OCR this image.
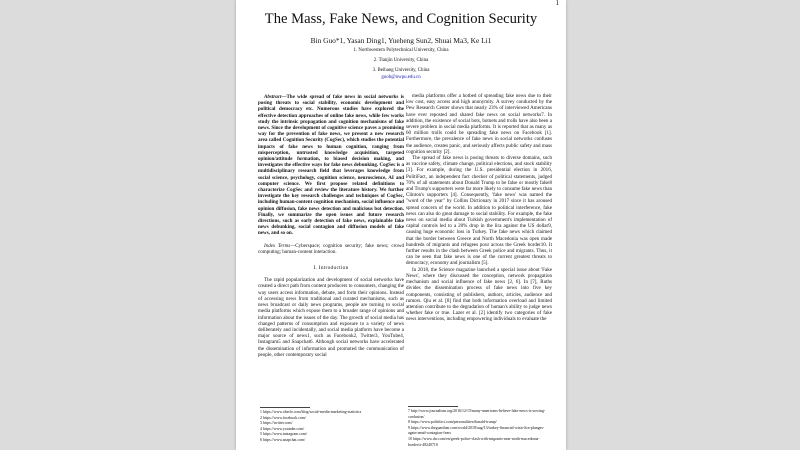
1
The Mass, Fake News, and Cognition Security
Bin Guo*1, Yasan Ding1, Yueheng Sun2, Shuai Ma3, Ke Li1
1. Northwestern Polytechnical University, China
2. Tianjin University, China
3. Beihang University, China
guob@nwpu.edu.cn

Abstract—The wide spread of fake news in social networks is posing threats to social stability, economic development and political democracy etc. Numerous studies have explored the effective detection approaches of online fake news, while few works study the intrinsic propagation and cognition mechanisms of fake news. Since the development of cognitive science paves a promising way for the prevention of fake news, we present a new research area called Cognition Security (CogSec), which studies the potential impacts of fake news to human cognition, ranging from misperception, untrusted knowledge acquisition, targeted opinion/attitude formation, to biased decision making, and investigates the effective ways for fake news debunking. CogSec is a multidisciplinary research field that leverages knowledge from social science, psychology, cognition science, neuroscience, AI and computer science. We first propose related definitions to characterize CogSec and review the literature history. We further investigate the key research challenges and techniques of CogSec, including human-content cognition mechanism, social influence and opinion diffusion, fake news detection and malicious bot detection. Finally, we summarize the open issues and future research directions, such as early detection of fake news, explainable fake news debunking, social contagion and diffusion models of fake news, and so on.

Index Terms—Cyberspace; cognition security; fake news; crowd computing; human-content interaction.

I. Introduction

The rapid popularization and development of social networks have created a direct path from content producers to consumers, changing the way users access information, debate, and form their opinions. Instead of accessing news from traditional and curated mechanisms, such as news broadcast or daily news programs, people are turning to social media platforms which expose them to a broader range of opinions and information about the issues of the day. The growth of social media has changed patterns of consumption and exposure to a variety of news deliberately and incidentally, and social media platform have become a major source of news1, such as Facebook2, Twitter3, YouTube4, Instagram5 and Snapchat6. Although social networks have accelerated the dissemination of information and promoted the communication of people, other contemporary social

media platforms offer a hotbed of spreading fake news due to their low cost, easy access and high anonymity. A survey conducted by the Pew Research Center shows that nearly 23% of interviewed Americans have ever reposted and shared fake news on social networks7. In addition, the existence of social bots, botnets and trolls have also been a severe problem in social media platforms. It is reported that as many as 60 million trolls could be spreading fake news on Facebook [1]. Furthermore, the prevalence of fake news in social networks confuses the audience, creates panic, and seriously affects public safety and mass cognition security [2].

The spread of fake news is posing threats to diverse domains, such as vaccine safety, climate change, political elections, and stock stability [3]. For example, during the U.S. presidential election in 2016, PolitiFact, an independent fact checker of political statements, judged 70% of all statements about Donald Trump to be false or mostly false8 and Trump's supporters were far more likely to consume fake news than Clinton's supporters [4]. Consequently, 'fake news' was named the "word of the year" by Collins Dictionary in 2017 since it has aroused spread concern of the world. In addition to political interference, fake news can also do great damage to social stability. For example, the fake news on social media about Turkish government's implementation of capital controls led to a 20% drop in the lira against the US dollar9, causing huge economic loss in Turkey. The fake news which claimed that the border between Greece and North Macedonia was open made hundreds of migrants and refugees pour across the Greek border10. It further results in the clash between Greek police and migrants. Thus, it can be seen that fake news is one of the current greatest threats to democracy, economy and journalism [5].

In 2018, the Science magazine launched a special issue about 'Fake News', where they discussed the conception, network propagation mechanism and social influence of fake news [2, 6]. In [7], Ruths divides the dissemination process of fake news into five key components, consisting of publishers, authors, articles, audience and rumors. Qiu et al. [8] find that both information overload and limited attention contribute to the degradation of human's ability to judge news whether fake or true. Lazer et al. [2] identify two categories of fake news interventions, including empowering individuals to evaluate the

1 https://www.oberlo.com/blog/social-media-marketing-statistics
2 https://www.facebook.com/
3 https://twitter.com/
4 https://www.youtube.com/
5 https://www.instagram.com/
6 https://www.snapchat.com/
7 http://www.journalism.org/2016/12/15/many-americans-believe-fake-news-is-sowing-confusion/
8 https://www.politifact.com/personalities/donald-trump/
9 https://www.theguardian.com/world/2018/aug/13/turkey-financial-crisis-lira-plunges-again-amid-contagion-fears
10 https://www.dw.com/en/greek-police-clash-with-migrants-near-north-macedonia-border/a-48240710
